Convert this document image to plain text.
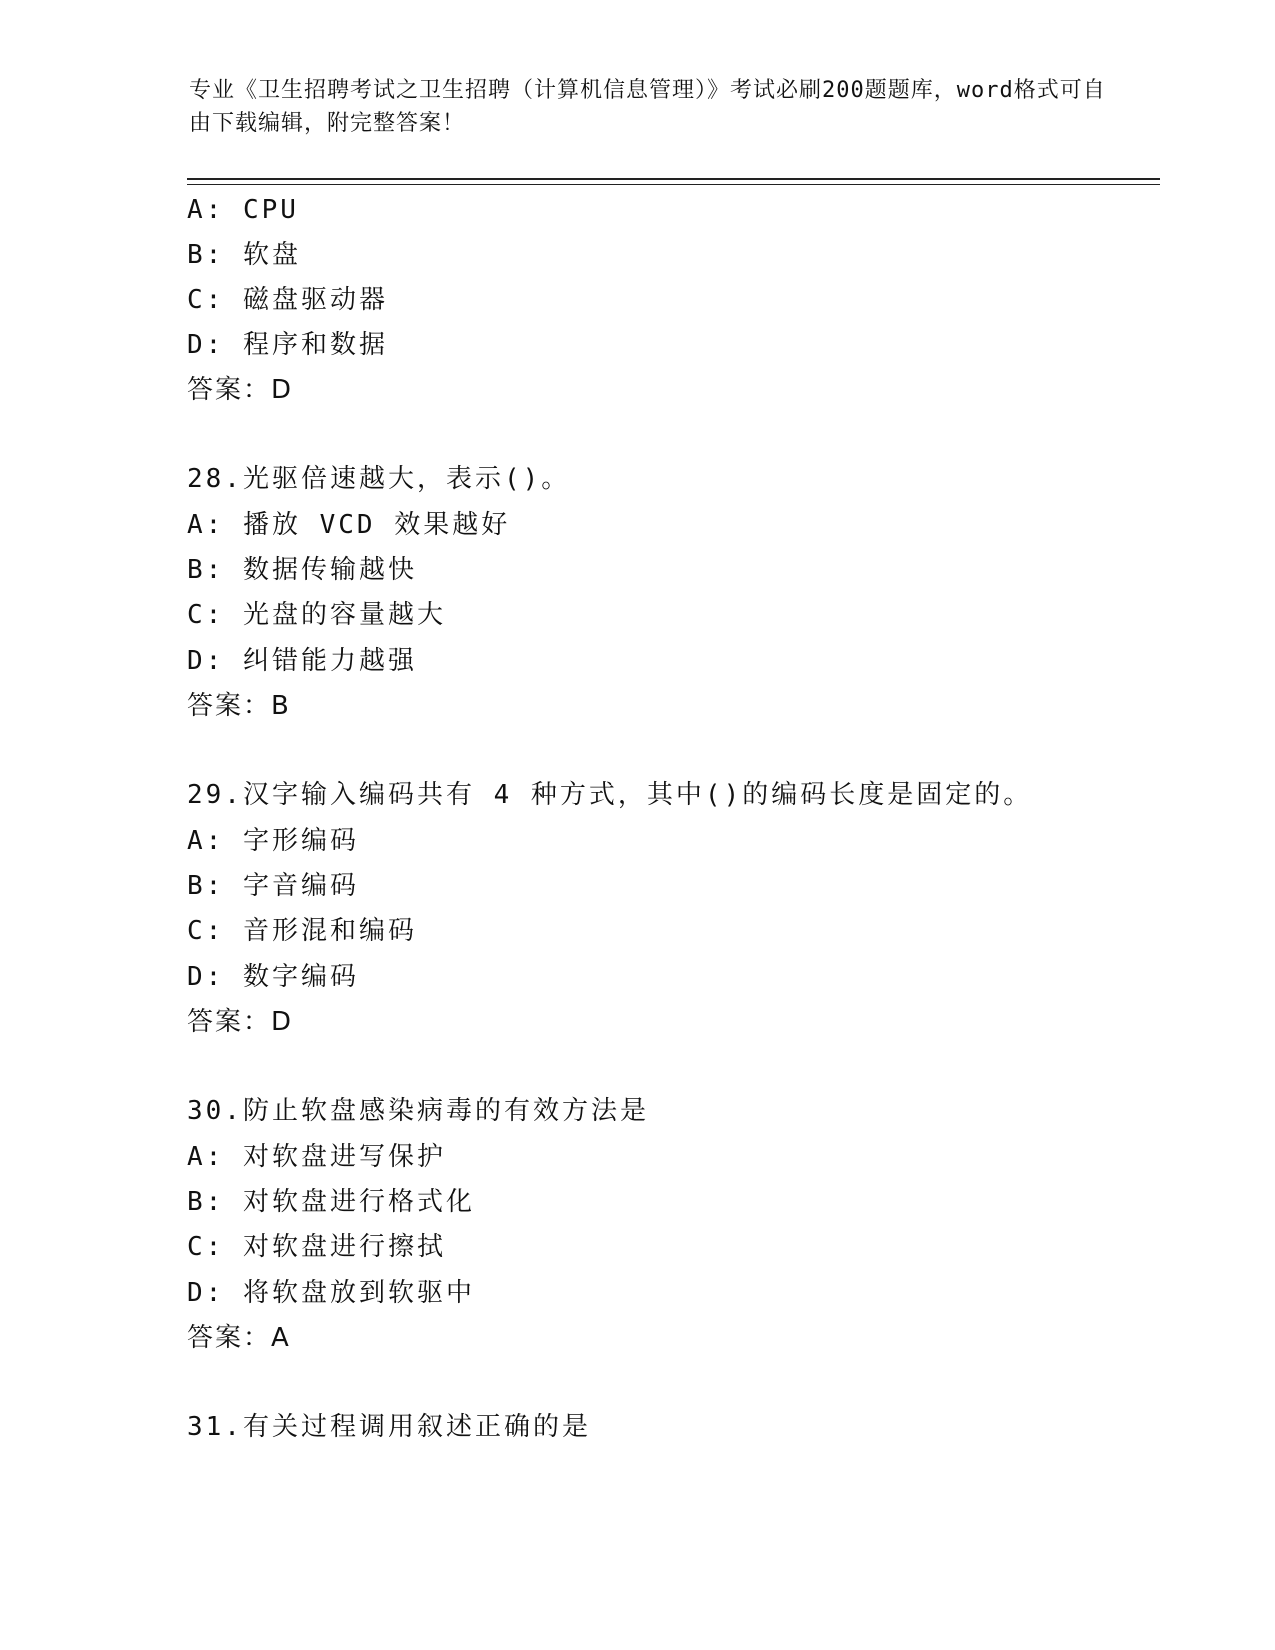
专业《卫生招聘考试之卫生招聘（计算机信息管理）》考试必刷200题题库，word格式可自由下载编辑，附完整答案！
A: CPU
B: 软盘
C: 磁盘驱动器
D: 程序和数据
答案：D
28.光驱倍速越大，表示()。
A: 播放 VCD 效果越好
B: 数据传输越快
C: 光盘的容量越大
D: 纠错能力越强
答案：B
29.汉字输入编码共有 4 种方式，其中()的编码长度是固定的。
A: 字形编码
B: 字音编码
C: 音形混和编码
D: 数字编码
答案：D
30.防止软盘感染病毒的有效方法是
A: 对软盘进写保护
B: 对软盘进行格式化
C: 对软盘进行擦拭
D: 将软盘放到软驱中
答案：A
31.有关过程调用叙述正确的是
